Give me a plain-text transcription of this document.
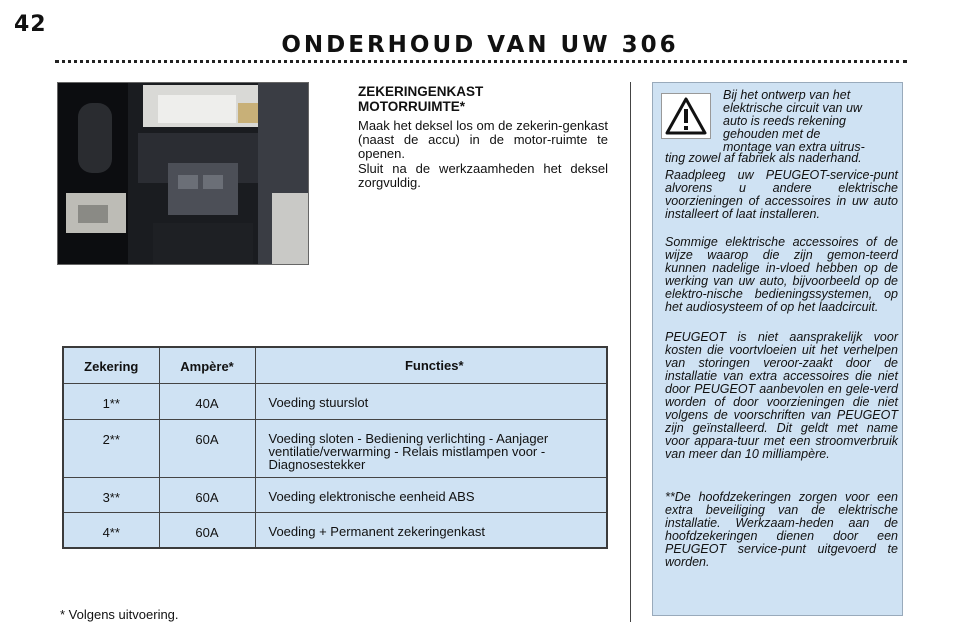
42
ONDERHOUD VAN UW 306
ZEKERINGENKAST
MOTORRUIMTE*
Maak het deksel los om de zekerin-genkast (naast de accu) in de motor-ruimte te openen.
Sluit na de werkzaamheden het deksel zorgvuldig.
Zekering	Ampère*	Functies*
1**	40A	Voeding stuurslot
2**	60A	Voeding sloten - Bediening verlichting - Aanjager ventilatie/verwarming - Relais mistlampen voor - Diagnosestekker
3**	60A	Voeding elektronische eenheid ABS
4**	60A	Voeding + Permanent zekeringenkast
* Volgens uitvoering.
Bij het ontwerp van het
elektrische circuit van uw
auto is reeds rekening
gehouden met de
montage van extra uitrus-
ting zowel af fabriek als naderhand.
Raadpleeg uw PEUGEOT-service-punt alvorens u andere elektrische voorzieningen of accessoires in uw auto installeert of laat installeren.
Sommige elektrische accessoires of de wijze waarop die zijn gemon-teerd kunnen nadelige in-vloed hebben op de werking van uw auto, bijvoorbeeld op de elektro-nische bedieningssystemen, op het audiosysteem of op het laadcircuit.
PEUGEOT is niet aansprakelijk voor kosten die voortvloeien uit het verhelpen van storingen veroor-zaakt door de installatie van extra accessoires die niet door PEUGEOT aanbevolen en gele-verd worden of door voorzieningen die niet volgens de voorschriften van PEUGEOT zijn geïnstalleerd. Dit geldt met name voor appara-tuur met een stroomverbruik van meer dan 10 milliampère.
**De hoofdzekeringen zorgen voor een extra beveiliging van de elektrische installatie. Werkzaam-heden aan de hoofdzekeringen dienen door een PEUGEOT service-punt uitgevoerd te worden.
